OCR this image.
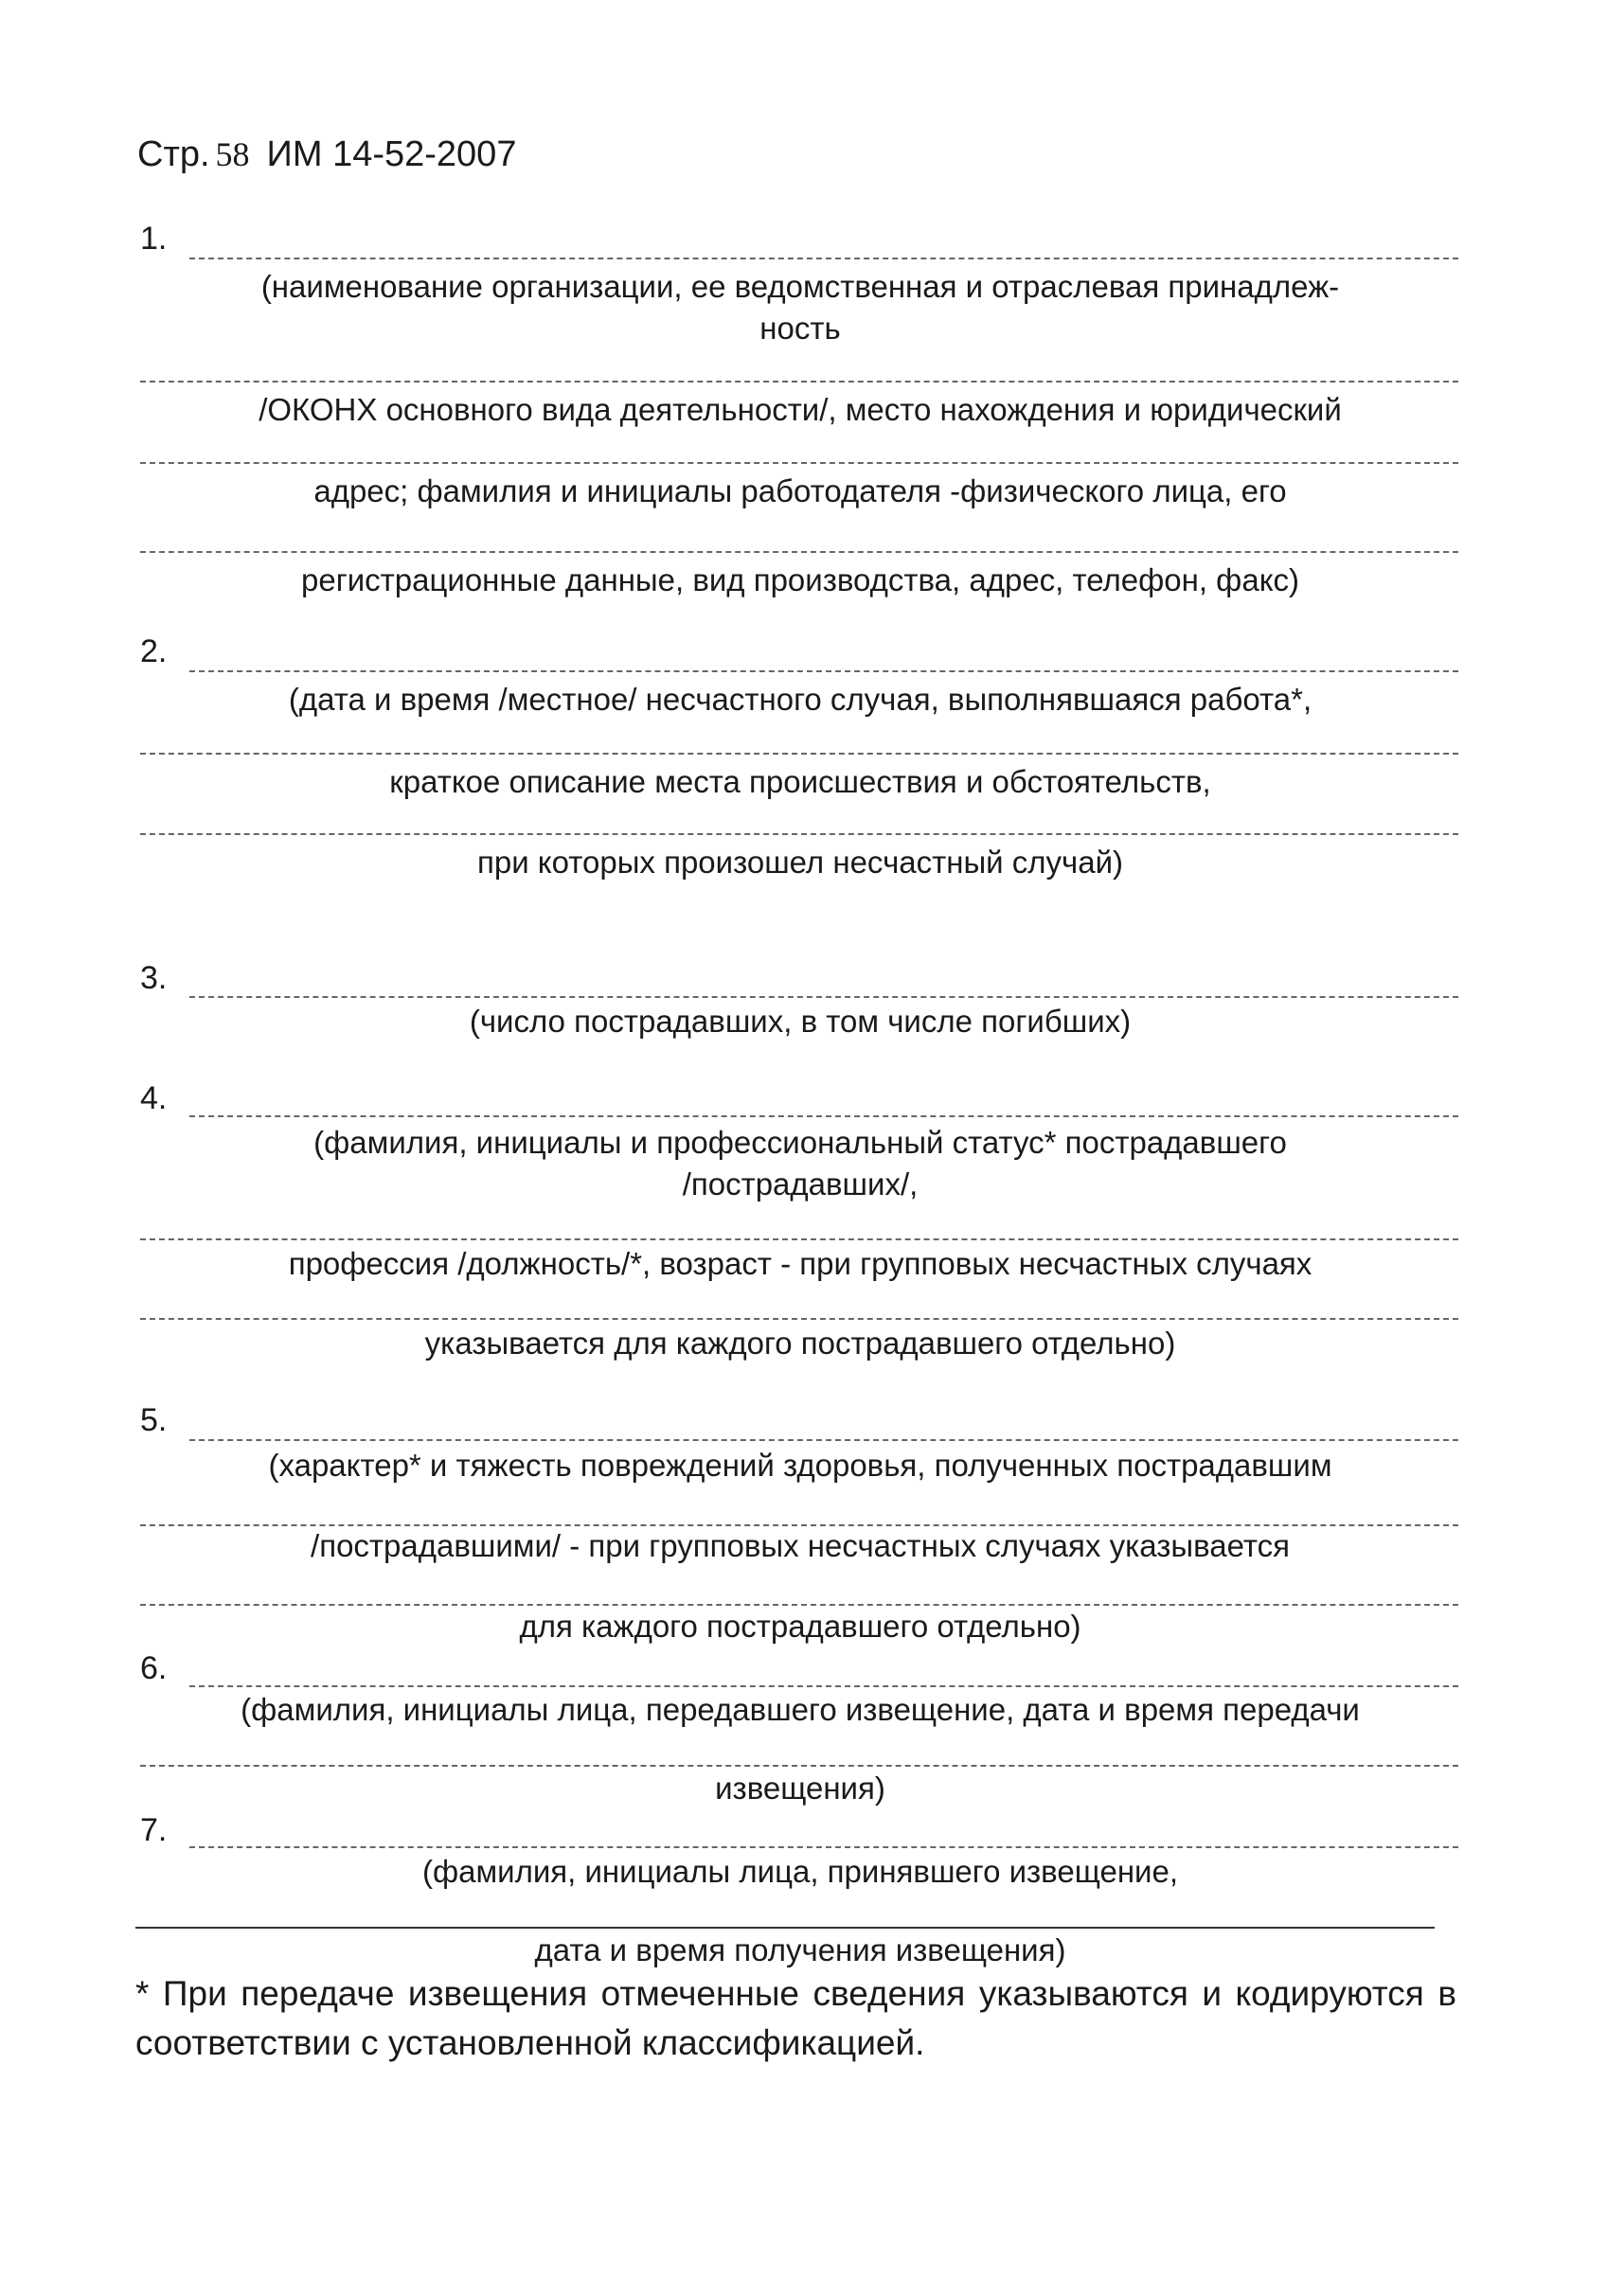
Стр. 58 ИМ 14-52-2007
1.
(наименование организации, ее ведомственная и отраслевая принадлеж-
ность
/ОКОНХ основного вида деятельности/, место нахождения и юридический
адрес; фамилия и инициалы работодателя -физического лица, его
регистрационные данные, вид производства, адрес, телефон, факс)
2.
(дата и время /местное/ несчастного случая, выполнявшаяся работа*,
краткое описание места происшествия и обстоятельств,
при которых произошел несчастный случай)
3.
(число пострадавших, в том числе погибших)
4.
(фамилия, инициалы и профессиональный статус* пострадавшего
/пострадавших/,
профессия /должность/*, возраст - при групповых несчастных случаях
указывается для каждого пострадавшего отдельно)
5.
(характер* и тяжесть повреждений здоровья, полученных пострадавшим
/пострадавшими/ - при групповых несчастных случаях указывается
для каждого пострадавшего отдельно)
6.
(фамилия, инициалы лица, передавшего извещение, дата и время передачи
извещения)
7.
(фамилия, инициалы лица, принявшего извещение,
дата и время получения извещения)
* При передаче извещения отмеченные сведения указываются и кодируются в соответствии с установленной классификацией.
